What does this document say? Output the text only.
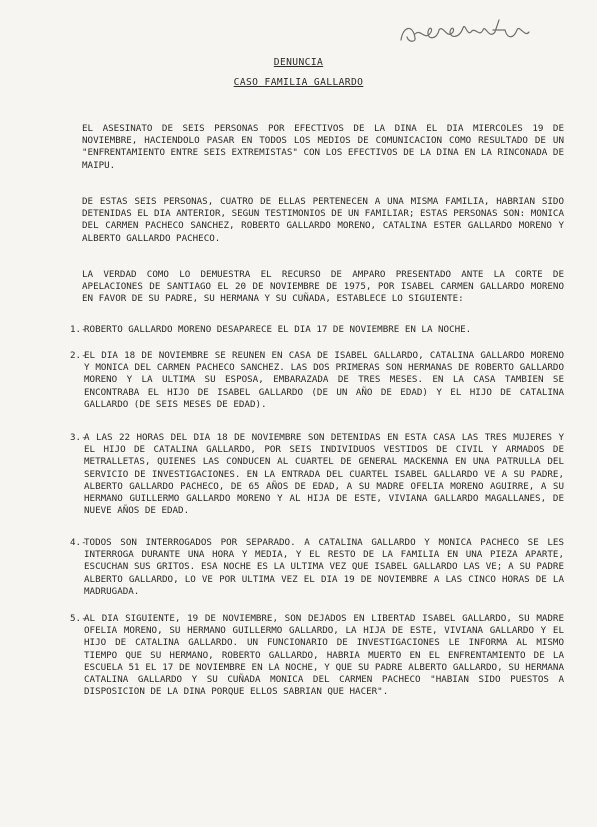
DENUNCIA
CASO FAMILIA GALLARDO

EL ASESINATO DE SEIS PERSONAS POR EFECTIVOS DE LA DINA EL DIA MIERCOLES 19 DE NOVIEMBRE, HACIENDOLO PASAR EN TODOS LOS MEDIOS DE COMUNICACION COMO RESULTADO DE UN "ENFRENTAMIENTO ENTRE SEIS EXTREMISTAS" CON LOS EFECTIVOS DE LA DINA EN LA RINCONADA DE MAIPU.

DE ESTAS SEIS PERSONAS, CUATRO DE ELLAS PERTENECEN A UNA MISMA FAMILIA, HABRIAN SIDO DETENIDAS EL DIA ANTERIOR, SEGUN TESTIMONIOS DE UN FAMILIAR; ESTAS PERSONAS SON: MONICA DEL CARMEN PACHECO SANCHEZ, ROBERTO GALLARDO MORENO, CATALINA ESTER GALLARDO MORENO Y ALBERTO GALLARDO PACHECO.

LA VERDAD COMO LO DEMUESTRA EL RECURSO DE AMPARO PRESENTADO ANTE LA CORTE DE APELACIONES DE SANTIAGO EL 20 DE NOVIEMBRE DE 1975, POR ISABEL CARMEN GALLARDO MORENO EN FAVOR DE SU PADRE, SU HERMANA Y SU CUÑADA, ESTABLECE LO SIGUIENTE:

1.-
ROBERTO GALLARDO MORENO DESAPARECE EL DIA 17 DE NOVIEMBRE EN LA NOCHE.
2.-
EL DIA 18 DE NOVIEMBRE SE REUNEN EN CASA DE ISABEL GALLARDO, CATALINA GALLARDO MORENO Y MONICA DEL CARMEN PACHECO SANCHEZ. LAS DOS PRIMERAS SON HERMANAS DE ROBERTO GALLARDO MORENO Y LA ULTIMA SU ESPOSA, EMBARAZADA DE TRES MESES. EN LA CASA TAMBIEN SE ENCONTRABA EL HIJO DE ISABEL GALLARDO (DE UN AÑO DE EDAD) Y EL HIJO DE CATALINA GALLARDO (DE SEIS MESES DE EDAD).
3.-
A LAS 22 HORAS DEL DIA 18 DE NOVIEMBRE SON DETENIDAS EN ESTA CASA LAS TRES MUJERES Y EL HIJO DE CATALINA GALLARDO, POR SEIS INDIVIDUOS VESTIDOS DE CIVIL Y ARMADOS DE METRALLETAS, QUIENES LAS CONDUCEN AL CUARTEL DE GENERAL MACKENNA EN UNA PATRULLA DEL SERVICIO DE INVESTIGACIONES. EN LA ENTRADA DEL CUARTEL ISABEL GALLARDO VE A SU PADRE, ALBERTO GALLARDO PACHECO, DE 65 AÑOS DE EDAD, A SU MADRE OFELIA MORENO AGUIRRE, A SU HERMANO GUILLERMO GALLARDO MORENO Y AL HIJA DE ESTE, VIVIANA GALLARDO MAGALLANES, DE NUEVE AÑOS DE EDAD.
4.-
TODOS SON INTERROGADOS POR SEPARADO. A CATALINA GALLARDO Y MONICA PACHECO SE LES INTERROGA DURANTE UNA HORA Y MEDIA, Y EL RESTO DE LA FAMILIA EN UNA PIEZA APARTE, ESCUCHAN SUS GRITOS. ESA NOCHE ES LA ULTIMA VEZ QUE ISABEL GALLARDO LAS VE; A SU PADRE ALBERTO GALLARDO, LO VE POR ULTIMA VEZ EL DIA 19 DE NOVIEMBRE A LAS CINCO HORAS DE LA MADRUGADA.
5.-
AL DIA SIGUIENTE, 19 DE NOVIEMBRE, SON DEJADOS EN LIBERTAD ISABEL GALLARDO, SU MADRE OFELIA MORENO, SU HERMANO GUILLERMO GALLARDO, LA HIJA DE ESTE, VIVIANA GALLARDO Y EL HIJO DE CATALINA GALLARDO. UN FUNCIONARIO DE INVESTIGACIONES LE INFORMA AL MISMO TIEMPO QUE SU HERMANO, ROBERTO GALLARDO, HABRIA MUERTO EN EL ENFRENTAMIENTO DE LA ESCUELA 51 EL 17 DE NOVIEMBRE EN LA NOCHE, Y QUE SU PADRE ALBERTO GALLARDO, SU HERMANA CATALINA GALLARDO Y SU CUÑADA MONICA DEL CARMEN PACHECO "HABIAN SIDO PUESTOS A DISPOSICION DE LA DINA PORQUE ELLOS SABRIAN QUE HACER".
